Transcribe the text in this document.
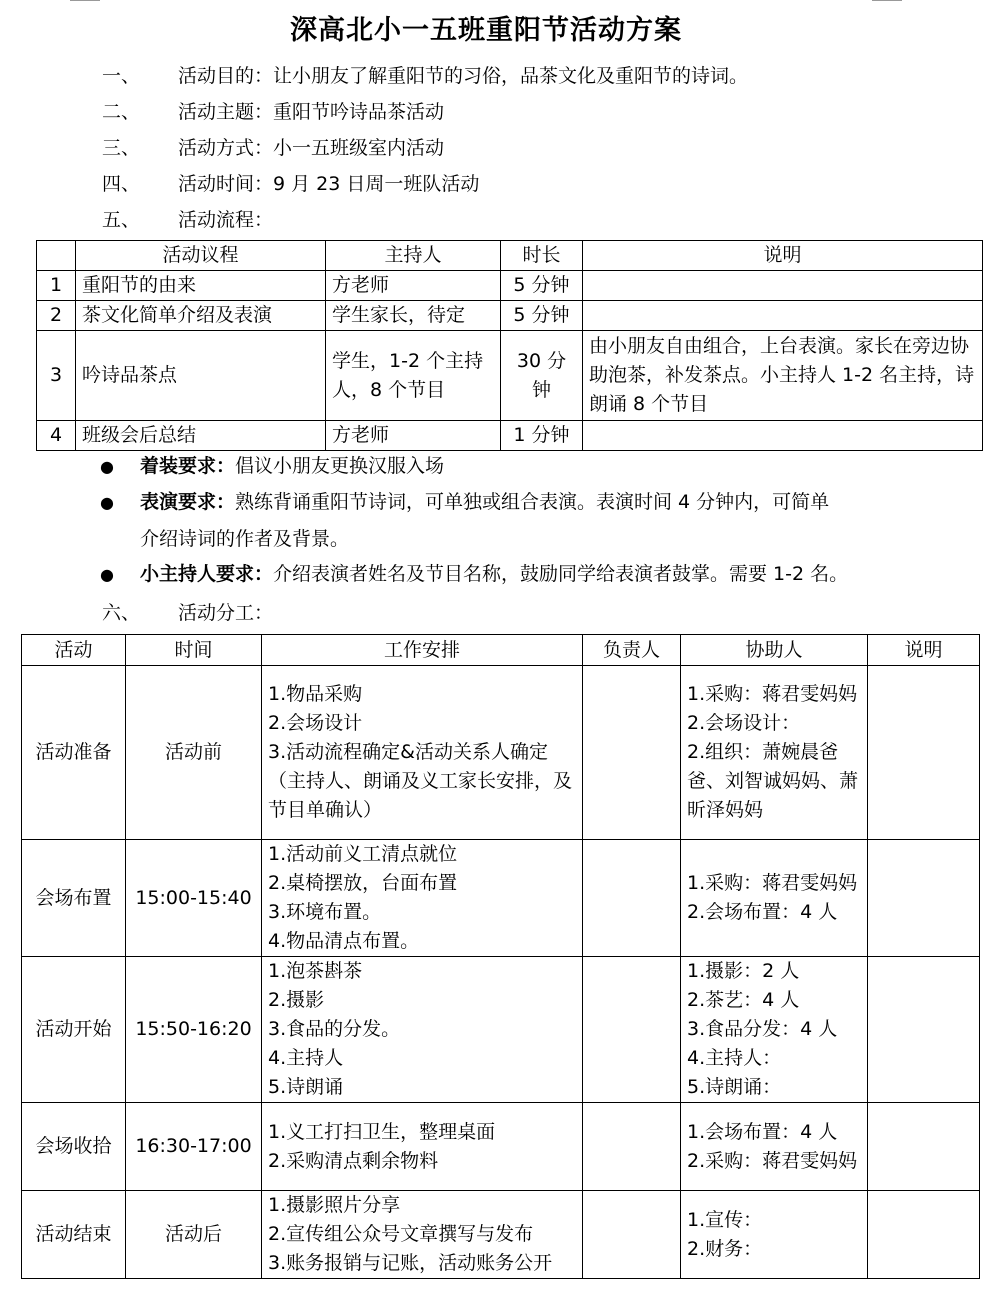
深高北小一五班重阳节活动方案
一、 活动目的：让小朋友了解重阳节的习俗，品茶文化及重阳节的诗词。
二、 活动主题：重阳节吟诗品茶活动
三、 活动方式：小一五班级室内活动
四、 活动时间：9 月 23 日周一班队活动
五、 活动流程：
	活动议程	主持人	时长	说明
1	重阳节的由来	方老师	5 分钟	
2	茶文化简单介绍及表演	学生家长，待定	5 分钟	
3	吟诗品茶点	学生，1-2 个主持人，8 个节目	30 分钟	由小朋友自由组合，上台表演。家长在旁边协助泡茶，补发茶点。小主持人 1-2 名主持，诗朗诵 8 个节目
4	班级会后总结	方老师	1 分钟	
● 着装要求：倡议小朋友更换汉服入场
● 表演要求：熟练背诵重阳节诗词，可单独或组合表演。表演时间 4 分钟内，可简单
介绍诗词的作者及背景。
● 小主持人要求：介绍表演者姓名及节目名称，鼓励同学给表演者鼓掌。需要 1-2 名。
六、 活动分工：
活动	时间	工作安排	负责人	协助人	说明
活动准备	活动前	1.物品采购
2.会场设计
3.活动流程确定&活动关系人确定（主持人、朗诵及义工家长安排，及节目单确认）		1.采购：蒋君雯妈妈
2.会场设计：
2.组织：萧婉晨爸爸、刘智诚妈妈、萧昕泽妈妈	

会场布置	15:00-15:40	1.活动前义工清点就位
2.桌椅摆放，台面布置
3.环境布置。
4.物品清点布置。		1.采购：蒋君雯妈妈
2.会场布置：4 人	

活动开始	15:50-16:20	1.泡茶斟茶
2.摄影
3.食品的分发。
4.主持人
5.诗朗诵		1.摄影：2 人
2.茶艺：4 人
3.食品分发：4 人
4.主持人：
5.诗朗诵：	

会场收拾	16:30-17:00	1.义工打扫卫生，整理桌面
2.采购清点剩余物料		1.会场布置：4 人
2.采购：蒋君雯妈妈	

活动结束	活动后	1.摄影照片分享
2.宣传组公众号文章撰写与发布
3.账务报销与记账，活动账务公开		1.宣传：
2.财务：	
